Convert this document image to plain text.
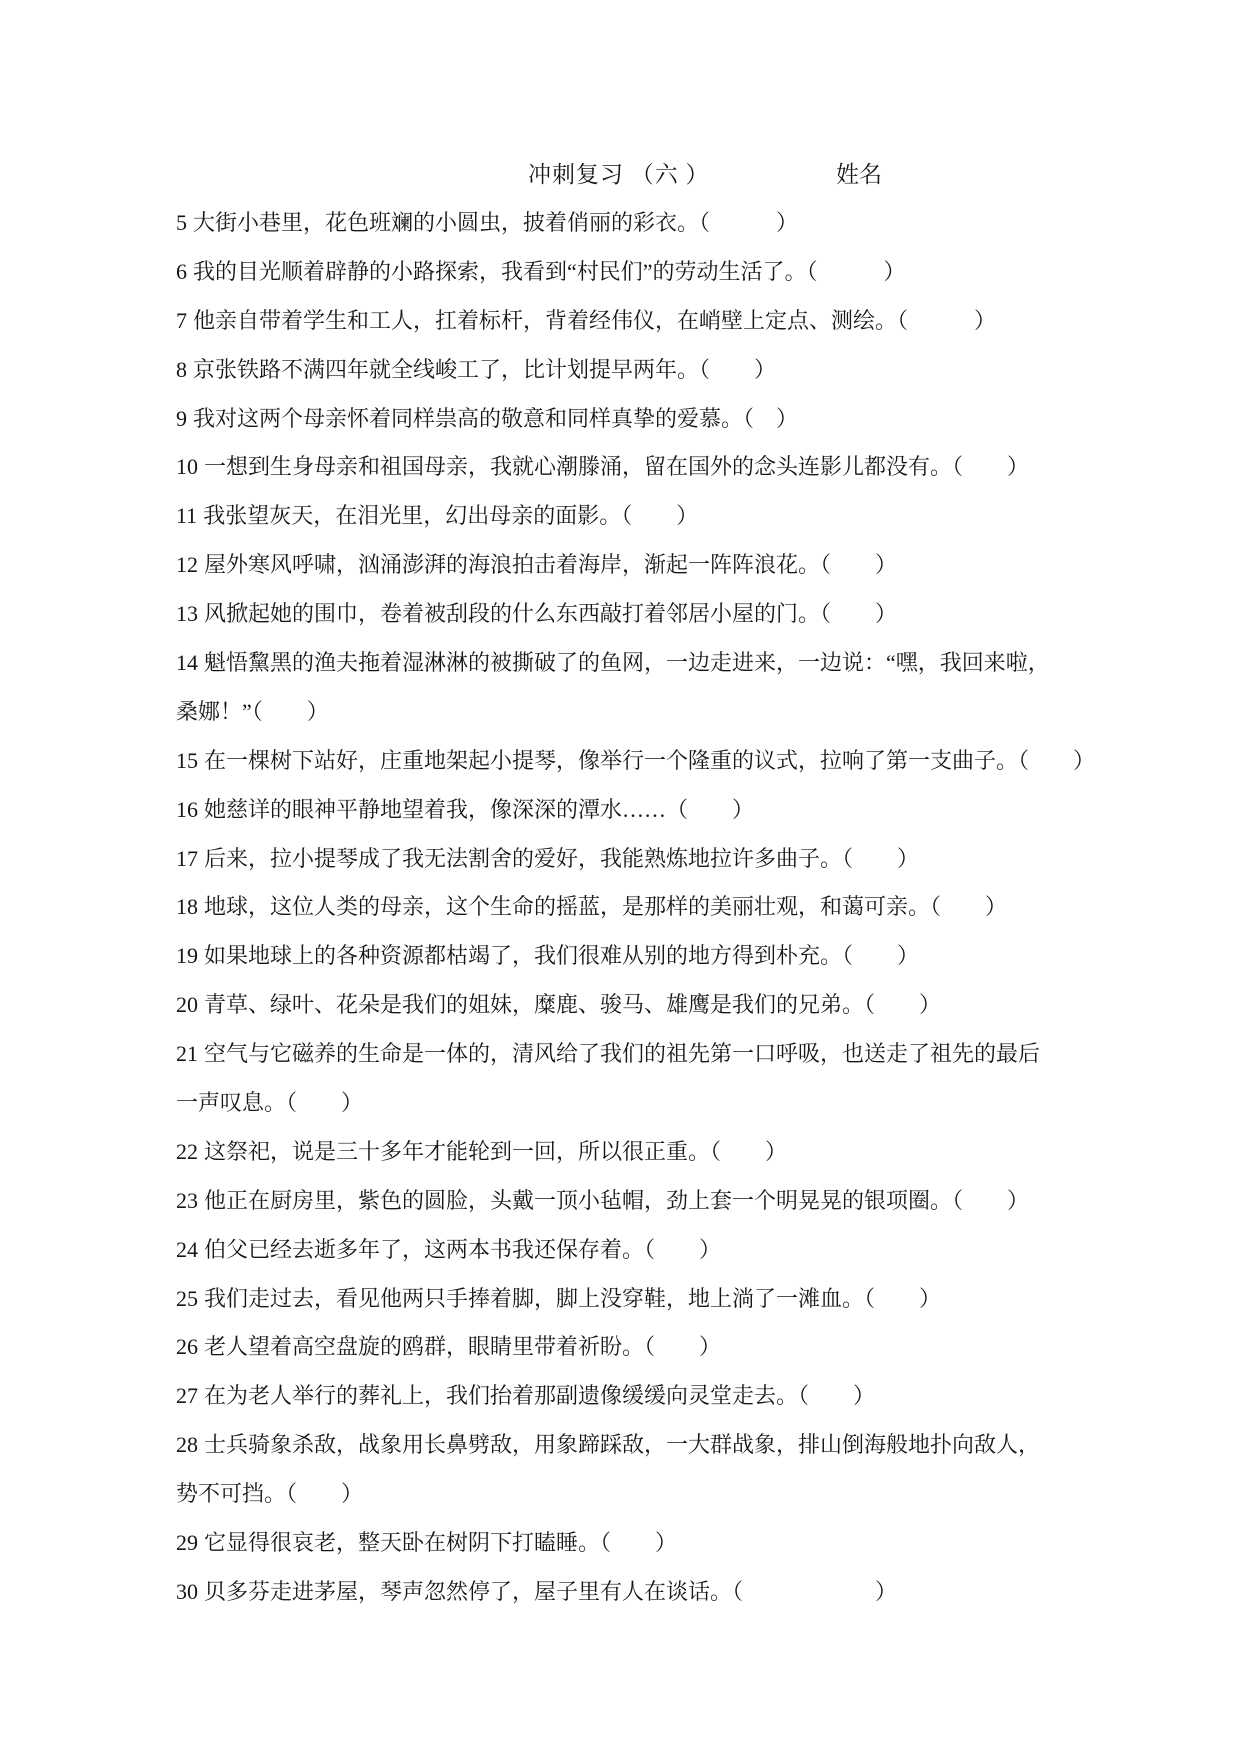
冲刺复习 （六 ）	姓名
5 大街小巷里，花色班斓的小圆虫，披着俏丽的彩衣。（　　　）
6 我的目光顺着辟静的小路探索，我看到“村民们”的劳动生活了。（　　　）
7 他亲自带着学生和工人，扛着标杆，背着经伟仪，在峭壁上定点、测绘。（　　　）
8 京张铁路不满四年就全线峻工了，比计划提早两年。（　　）
9 我对这两个母亲怀着同样祟高的敬意和同样真挚的爱慕。（　）
10 一想到生身母亲和祖国母亲，我就心潮滕涌，留在国外的念头连影儿都没有。（　　）
11 我张望灰天，在泪光里，幻出母亲的面影。（　　）
12 屋外寒风呼啸，汹涌澎湃的海浪拍击着海岸，渐起一阵阵浪花。（　　）
13 风掀起她的围巾，卷着被刮段的什么东西敲打着邻居小屋的门。（　　）
14 魁悟黧黑的渔夫拖着湿淋淋的被撕破了的鱼网，一边走进来，一边说：“嘿，我回来啦，
桑娜！”（　　）
15 在一棵树下站好，庄重地架起小提琴，像举行一个隆重的议式，拉响了第一支曲子。（　　）
16 她慈详的眼神平静地望着我，像深深的潭水……（　　）
17 后来，拉小提琴成了我无法割舍的爱好，我能熟炼地拉许多曲子。（　　）
18 地球，这位人类的母亲，这个生命的摇蓝，是那样的美丽壮观，和蔼可亲。（　　）
19 如果地球上的各种资源都枯竭了，我们很难从别的地方得到朴充。（　　）
20 青草、绿叶、花朵是我们的姐妹，糜鹿、骏马、雄鹰是我们的兄弟。（　　）
21 空气与它磁养的生命是一体的，清风给了我们的祖先第一口呼吸，也送走了祖先的最后
一声叹息。（　　）
22 这祭祀，说是三十多年才能轮到一回，所以很正重。（　　）
23 他正在厨房里，紫色的圆脸，头戴一顶小毡帽，劲上套一个明晃晃的银项圈。（　　）
24 伯父已经去逝多年了，这两本书我还保存着。（　　）
25 我们走过去，看见他两只手捧着脚，脚上没穿鞋，地上淌了一滩血。（　　）
26 老人望着高空盘旋的鸥群，眼睛里带着祈盼。（　　）
27 在为老人举行的葬礼上，我们抬着那副遗像缓缓向灵堂走去。（　　）
28 士兵骑象杀敌，战象用长鼻劈敌，用象蹄踩敌，一大群战象，排山倒海般地扑向敌人，
势不可挡。（　　）
29 它显得很哀老，整天卧在树阴下打瞌睡。（　　）
30 贝多芬走进茅屋，琴声忽然停了，屋子里有人在谈话。（　　　　　　）
